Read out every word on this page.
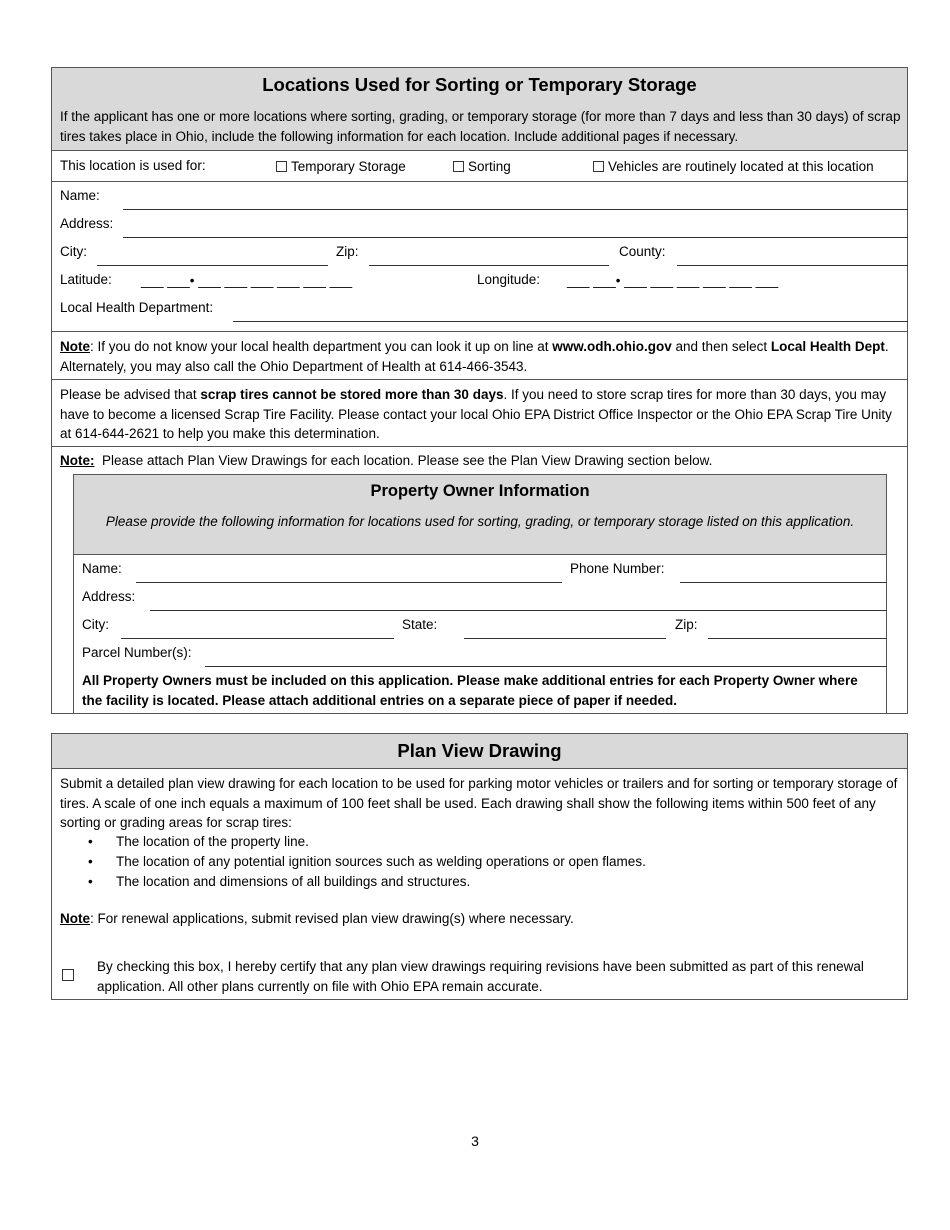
Locations Used for Sorting or Temporary Storage
If the applicant has one or more locations where sorting, grading, or temporary storage (for more than 7 days and less than 30 days) of scrap tires takes place in Ohio, include the following information for each location. Include additional pages if necessary.
This location is used for:	Temporary Storage	Sorting	Vehicles are routinely located at this location
Name:
Address:
City:	Zip:	County:
Latitude: ___ ___• ___ ___ ___ ___ ___ ___	Longitude: ___ ___• ___ ___ ___ ___ ___ ___
Local Health Department:
Note: If you do not know your local health department you can look it up on line at www.odh.ohio.gov and then select Local Health Dept. Alternately, you may also call the Ohio Department of Health at 614-466-3543.
Please be advised that scrap tires cannot be stored more than 30 days. If you need to store scrap tires for more than 30 days, you may have to become a licensed Scrap Tire Facility. Please contact your local Ohio EPA District Office Inspector or the Ohio EPA Scrap Tire Unity at 614-644-2621 to help you make this determination.
Note:  Please attach Plan View Drawings for each location. Please see the Plan View Drawing section below.
Property Owner Information
Please provide the following information for locations used for sorting, grading, or temporary storage listed on this application.
Name:	Phone Number:
Address:
City:	State:	Zip:
Parcel Number(s):
All Property Owners must be included on this application. Please make additional entries for each Property Owner where the facility is located. Please attach additional entries on a separate piece of paper if needed.
Plan View Drawing
Submit a detailed plan view drawing for each location to be used for parking motor vehicles or trailers and for sorting or temporary storage of tires. A scale of one inch equals a maximum of 100 feet shall be used. Each drawing shall show the following items within 500 feet of any sorting or grading areas for scrap tires:
• The location of the property line.
• The location of any potential ignition sources such as welding operations or open flames.
• The location and dimensions of all buildings and structures.
Note: For renewal applications, submit revised plan view drawing(s) where necessary.
By checking this box, I hereby certify that any plan view drawings requiring revisions have been submitted as part of this renewal application. All other plans currently on file with Ohio EPA remain accurate.
3
